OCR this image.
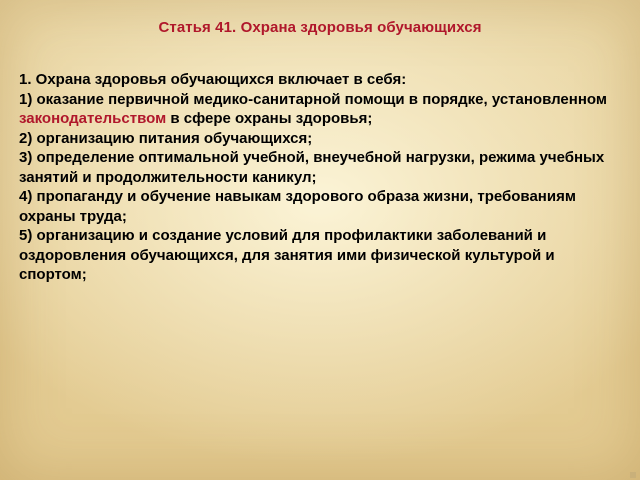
Статья 41. Охрана здоровья обучающихся

1. Охрана здоровья обучающихся включает в себя:

1) оказание первичной медико-санитарной помощи в порядке, установленном законодательством в сфере охраны здоровья;

2) организацию питания обучающихся;

3) определение оптимальной учебной, внеучебной нагрузки, режима учебных занятий и продолжительности каникул;

4) пропаганду и обучение навыкам здорового образа жизни, требованиям охраны труда;

5) организацию и создание условий для профилактики заболеваний и оздоровления обучающихся, для занятия ими физической культурой и спортом;
